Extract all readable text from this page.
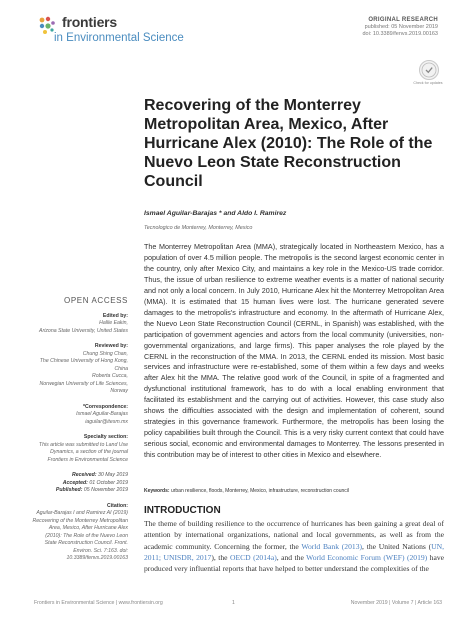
frontiers
in Environmental Science
ORIGINAL RESEARCH
published: 05 November 2019
doi: 10.3389/fenvs.2019.00163
Check for updates
Recovering of the Monterrey Metropolitan Area, Mexico, After Hurricane Alex (2010): The Role of the Nuevo Leon State Reconstruction Council
Ismael Aguilar-Barajas * and Aldo I. Ramirez
Tecnologico de Monterrey, Monterrey, Mexico

The Monterrey Metropolitan Area (MMA), strategically located in Northeastern Mexico, has a population of over 4.5 million people. The metropolis is the second largest economic center in the country, only after Mexico City, and maintains a key role in the Mexico-US trade corridor. Thus, the issue of urban resilience to extreme weather events is a matter of national security and not only a local concern. In July 2010, Hurricane Alex hit the Monterrey Metropolitan Area (MMA). It is estimated that 15 human lives were lost. The hurricane generated severe damages to the metropolis's infrastructure and economy. In the aftermath of Hurricane Alex, the Nuevo Leon State Reconstruction Council (CERNL, in Spanish) was established, with the participation of government agencies and actors from the local community (universities, non-governmental organizations, and large firms). This paper analyses the role played by the CERNL in the reconstruction of the MMA. In 2013, the CERNL ended its mission. Most basic services and infrastructure were re-established, some of them within a few days and weeks after Alex hit the MMA. The relative good work of the Council, in spite of a fragmented and dysfunctional institutional framework, has to do with a local enabling environment that facilitated its establishment and the carrying out of activities. However, this case study also shows the difficulties associated with the design and implementation of coherent, sound strategies in this governance framework. Furthermore, the metropolis has been losing the policy capabilities built through the Council. This is a very risky current context that could have serious social, economic and environmental damages to Monterrey. The lessons presented in this contribution may be of interest to other cities in Mexico and elsewhere.

Keywords: urban resilience, floods, Monterrey, Mexico, infrastructure, reconstruction council
INTRODUCTION

The theme of building resilience to the occurrence of hurricanes has been gaining a great deal of attention by international organizations, national and local governments, as well as from the academic community. Concerning the former, the World Bank (2013), the United Nations (UN, 2011; UNISDR, 2017), the OECD (2014a), and the World Economic Forum (WEF) (2019) have produced very influential reports that have helped to better understand the complexities of the

OPEN ACCESS
Edited by:
Hallie Eakin,
Arizona State University, United States
Reviewed by:
Chung Shing Chan,
The Chinese University of Hong Kong, China
Roberta Cucca,
Norwegian University of Life Sciences, Norway
*Correspondence:
Ismael Aguilar-Barajas
iaguilar@itesm.mx
Specialty section:
This article was submitted to Land Use Dynamics, a section of the journal Frontiers in Environmental Science
Received: 30 May 2019
Accepted: 01 October 2019
Published: 05 November 2019
Citation:
Aguilar-Barajas I and Ramirez AI (2019) Recovering of the Monterrey Metropolitan Area, Mexico, After Hurricane Alex (2010): The Role of the Nuevo Leon State Reconstruction Council. Front. Environ. Sci. 7:163. doi: 10.3389/fenvs.2019.00163
Frontiers in Environmental Science | www.frontiersin.org	1	November 2019 | Volume 7 | Article 163
